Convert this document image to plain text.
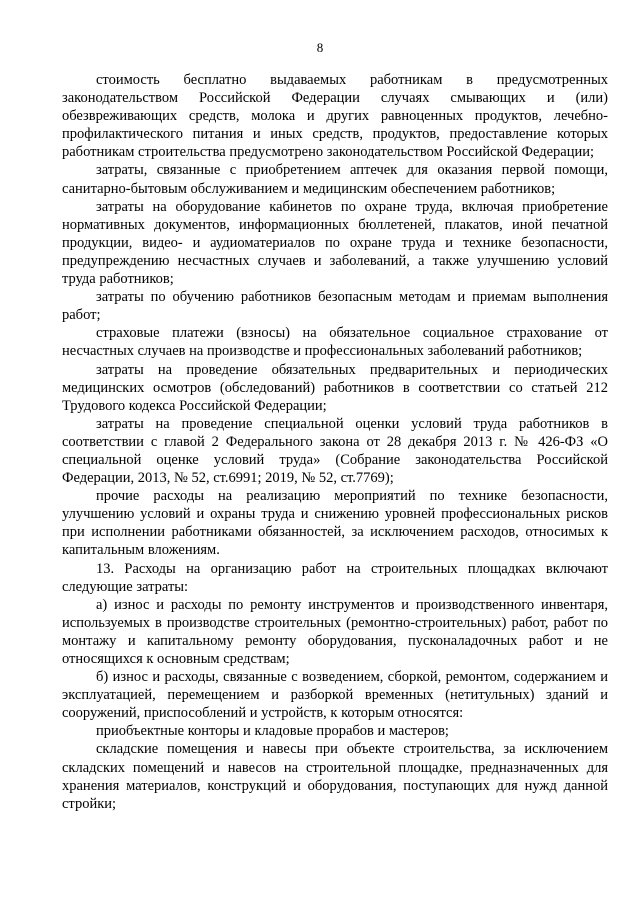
8

стоимость бесплатно выдаваемых работникам в предусмотренных законодательством Российской Федерации случаях смывающих и (или) обезвреживающих средств, молока и других равноценных продуктов, лечебно-профилактического питания и иных средств, продуктов, предоставление которых работникам строительства предусмотрено законодательством Российской Федерации;

затраты, связанные с приобретением аптечек для оказания первой помощи, санитарно-бытовым обслуживанием и медицинским обеспечением работников;

затраты на оборудование кабинетов по охране труда, включая приобретение нормативных документов, информационных бюллетеней, плакатов, иной печатной продукции, видео- и аудиоматериалов по охране труда и технике безопасности, предупреждению несчастных случаев и заболеваний, а также улучшению условий труда работников;

затраты по обучению работников безопасным методам и приемам выполнения работ;

страховые платежи (взносы) на обязательное социальное страхование от несчастных случаев на производстве и профессиональных заболеваний работников;

затраты на проведение обязательных предварительных и периодических медицинских осмотров (обследований) работников в соответствии со статьей 212 Трудового кодекса Российской Федерации;

затраты на проведение специальной оценки условий труда работников в соответствии с главой 2 Федерального закона от 28 декабря 2013 г. № 426-ФЗ «О специальной оценке условий труда» (Собрание законодательства Российской Федерации, 2013, № 52, ст.6991; 2019, № 52, ст.7769);

прочие расходы на реализацию мероприятий по технике безопасности, улучшению условий и охраны труда и снижению уровней профессиональных рисков при исполнении работниками обязанностей, за исключением расходов, относимых к капитальным вложениям.

13. Расходы на организацию работ на строительных площадках включают следующие затраты:

а) износ и расходы по ремонту инструментов и производственного инвентаря, используемых в производстве строительных (ремонтно-строительных) работ, работ по монтажу и капитальному ремонту оборудования, пусконаладочных работ и не относящихся к основным средствам;

б) износ и расходы, связанные с возведением, сборкой, ремонтом, содержанием и эксплуатацией, перемещением и разборкой временных (нетитульных) зданий и сооружений, приспособлений и устройств, к которым относятся:

приобъектные конторы и кладовые прорабов и мастеров;

складские помещения и навесы при объекте строительства, за исключением складских помещений и навесов на строительной площадке, предназначенных для хранения материалов, конструкций и оборудования, поступающих для нужд данной стройки;
